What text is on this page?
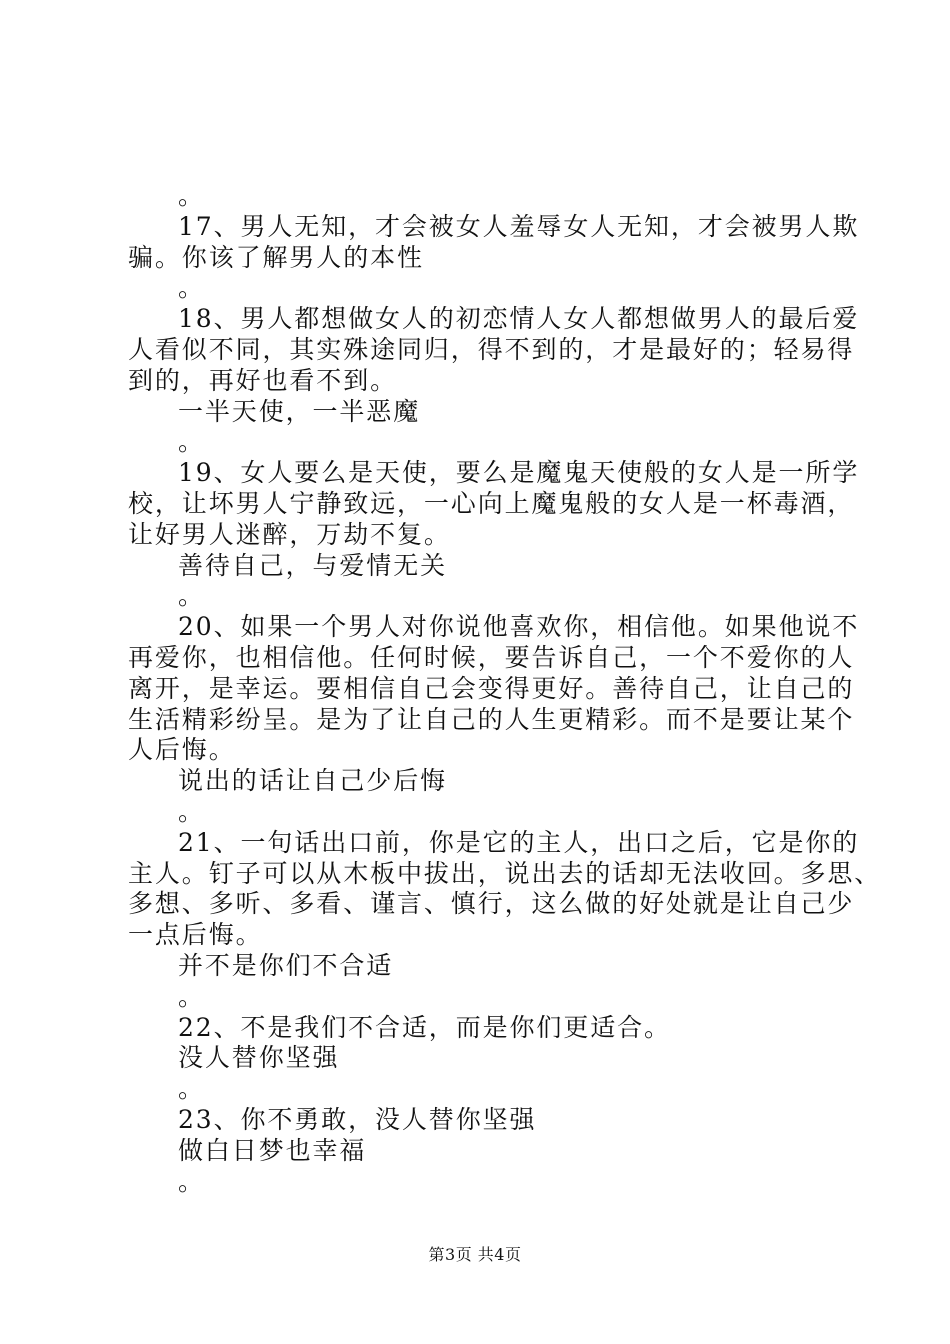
。
17、男人无知，才会被女人羞辱女人无知，才会被男人欺
骗。你该了解男人的本性
。
18、男人都想做女人的初恋情人女人都想做男人的最后爱
人看似不同，其实殊途同归，得不到的，才是最好的；轻易得
到的，再好也看不到。
一半天使，一半恶魔
。
19、女人要么是天使，要么是魔鬼天使般的女人是一所学
校，让坏男人宁静致远，一心向上魔鬼般的女人是一杯毒酒，
让好男人迷醉，万劫不复。
善待自己，与爱情无关
。
20、如果一个男人对你说他喜欢你，相信他。如果他说不
再爱你，也相信他。任何时候，要告诉自己，一个不爱你的人
离开，是幸运。要相信自己会变得更好。善待自己，让自己的
生活精彩纷呈。是为了让自己的人生更精彩。而不是要让某个
人后悔。
说出的话让自己少后悔
。
21、一句话出口前，你是它的主人，出口之后，它是你的
主人。钉子可以从木板中拔出，说出去的话却无法收回。多思、
多想、多听、多看、谨言、慎行，这么做的好处就是让自己少
一点后悔。
并不是你们不合适
。
22、不是我们不合适，而是你们更适合。
没人替你坚强
。
23、你不勇敢，没人替你坚强
做白日梦也幸福
。
第3页 共4页
